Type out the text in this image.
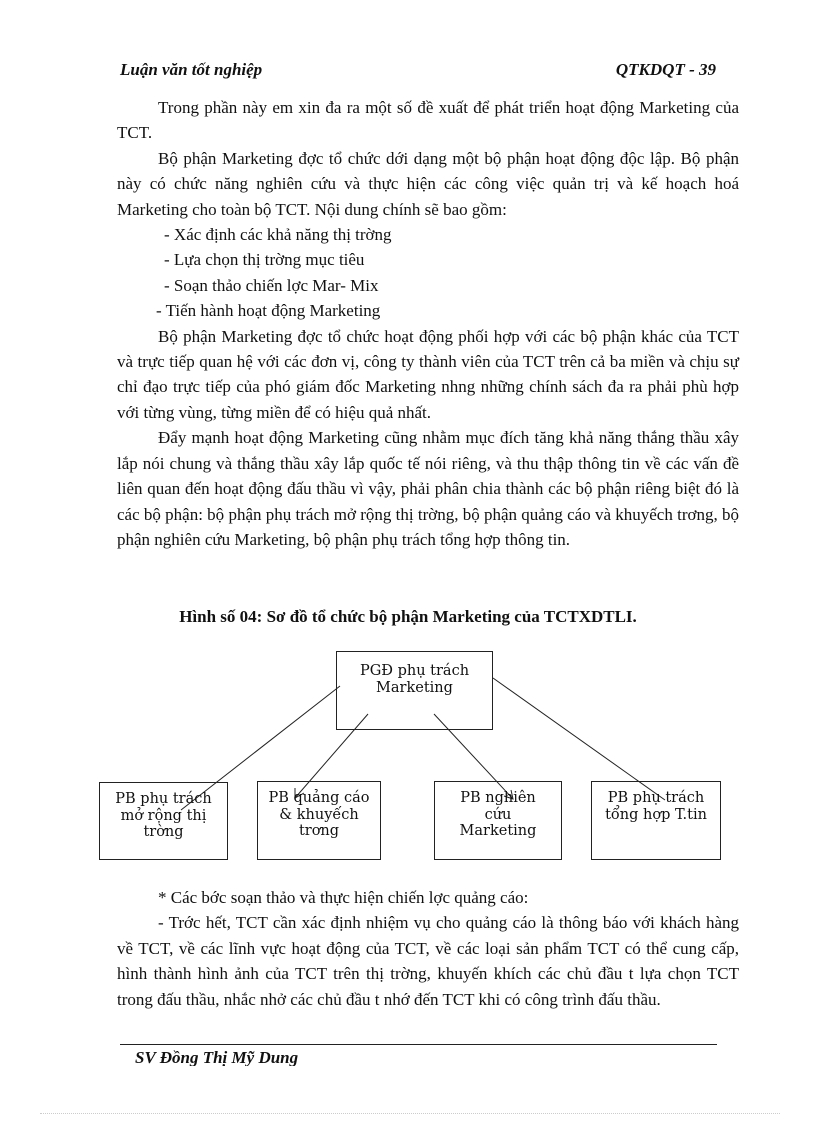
Luận văn tốt nghiệp	QTKDQT - 39

Trong phần này em xin đa ra một số đề xuất để phát triển hoạt động Marketing của TCT.

Bộ phận Marketing đợc tổ chức dới dạng một bộ phận hoạt động độc lập. Bộ phận này có chức năng nghiên cứu và thực hiện các công việc quản trị và kế hoạch hoá Marketing cho toàn bộ TCT. Nội dung chính sẽ bao gồm:

- Xác định các khả năng thị trờng

- Lựa chọn thị trờng mục tiêu

- Soạn thảo chiến lợc Mar- Mix

- Tiến hành hoạt động Marketing

Bộ phận Marketing đợc tổ chức hoạt động phối hợp với các bộ phận khác của TCT và trực tiếp quan hệ với các đơn vị, công ty thành viên của TCT trên cả ba miền và chịu sự chỉ đạo trực tiếp của phó giám đốc Marketing nhng những chính sách đa ra phải phù hợp với từng vùng, từng miền để có hiệu quả nhất.

Đẩy mạnh hoạt động Marketing cũng nhằm mục đích tăng khả năng thắng thầu xây lắp nói chung và thắng thầu xây lắp quốc tế nói riêng, và thu thập thông tin về các vấn đề liên quan đến hoạt động đấu thầu vì vậy, phải phân chia thành các bộ phận riêng biệt đó là các bộ phận: bộ phận phụ trách mở rộng thị trờng, bộ phận quảng cáo và khuyếch trơng, bộ phận nghiên cứu Marketing, bộ phận phụ trách tổng hợp thông tin.

Hình số 04: Sơ đồ tổ chức bộ phận Marketing của TCTXDTLI.
PGĐ phụ trách
Marketing
PB phụ trách
mở rộng thị
trờng
PB quảng cáo
& khuyếch
trơng
PB nghiên
cứu
Marketing
PB phụ trách
tổng hợp T.tin

* Các bớc soạn thảo và thực hiện chiến lợc quảng cáo:

- Trớc hết, TCT cần xác định nhiệm vụ cho quảng cáo là thông báo với khách hàng về TCT, về các lĩnh vực hoạt động của TCT, về các loại sản phẩm TCT có thể cung cấp, hình thành hình ảnh của TCT trên thị trờng, khuyến khích các chủ đầu t lựa chọn TCT trong đấu thầu, nhắc nhở các chủ đầu t nhớ đến TCT khi có công trình đấu thầu.

SV Đồng Thị Mỹ Dung
